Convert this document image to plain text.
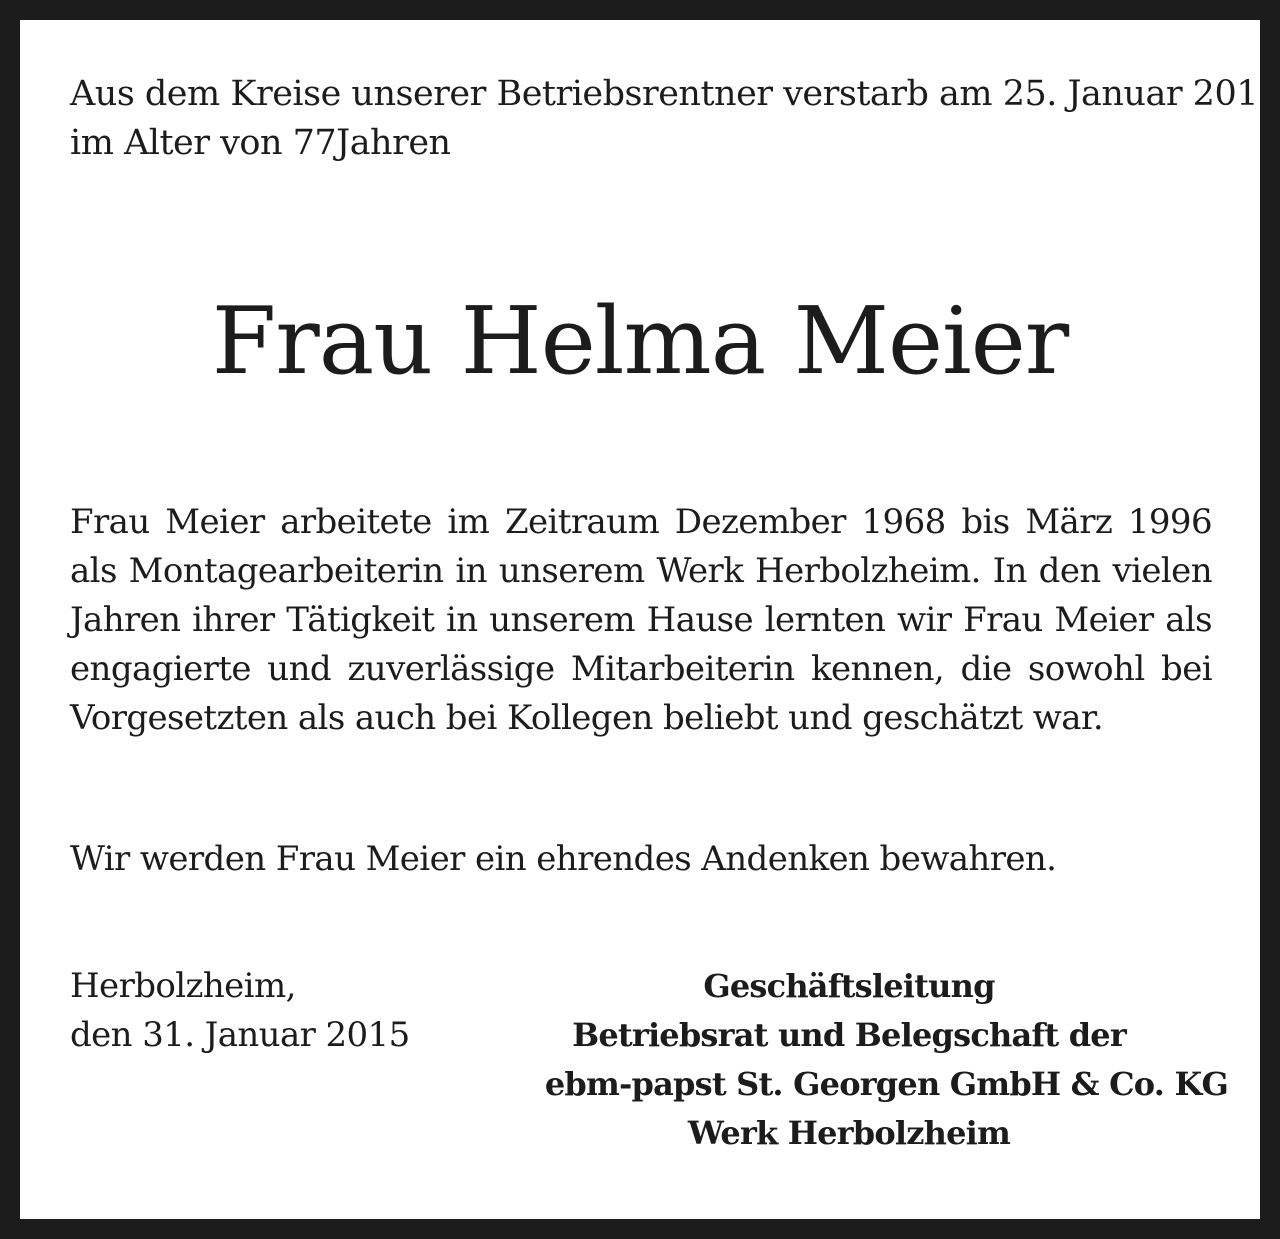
Aus dem Kreise unserer Betriebsrentner verstarb am 25. Januar 2015
im Alter von 77Jahren
Frau Helma Meier
Frau Meier arbeitete im Zeitraum Dezember 1968 bis März 1996 als Montagearbeiterin in unserem Werk Herbolzheim. In den vielen Jahren ihrer Tätigkeit in unserem Hause lernten wir Frau Meier als engagierte und zuverlässige Mitarbeiterin kennen, die sowohl bei Vorgesetzten als auch bei Kollegen beliebt und geschätzt war.
Wir werden Frau Meier ein ehrendes Andenken bewahren.
Herbolzheim,
den 31. Januar 2015
Geschäftsleitung
Betriebsrat und Belegschaft der
ebm-papst St. Georgen GmbH & Co. KG
Werk Herbolzheim
